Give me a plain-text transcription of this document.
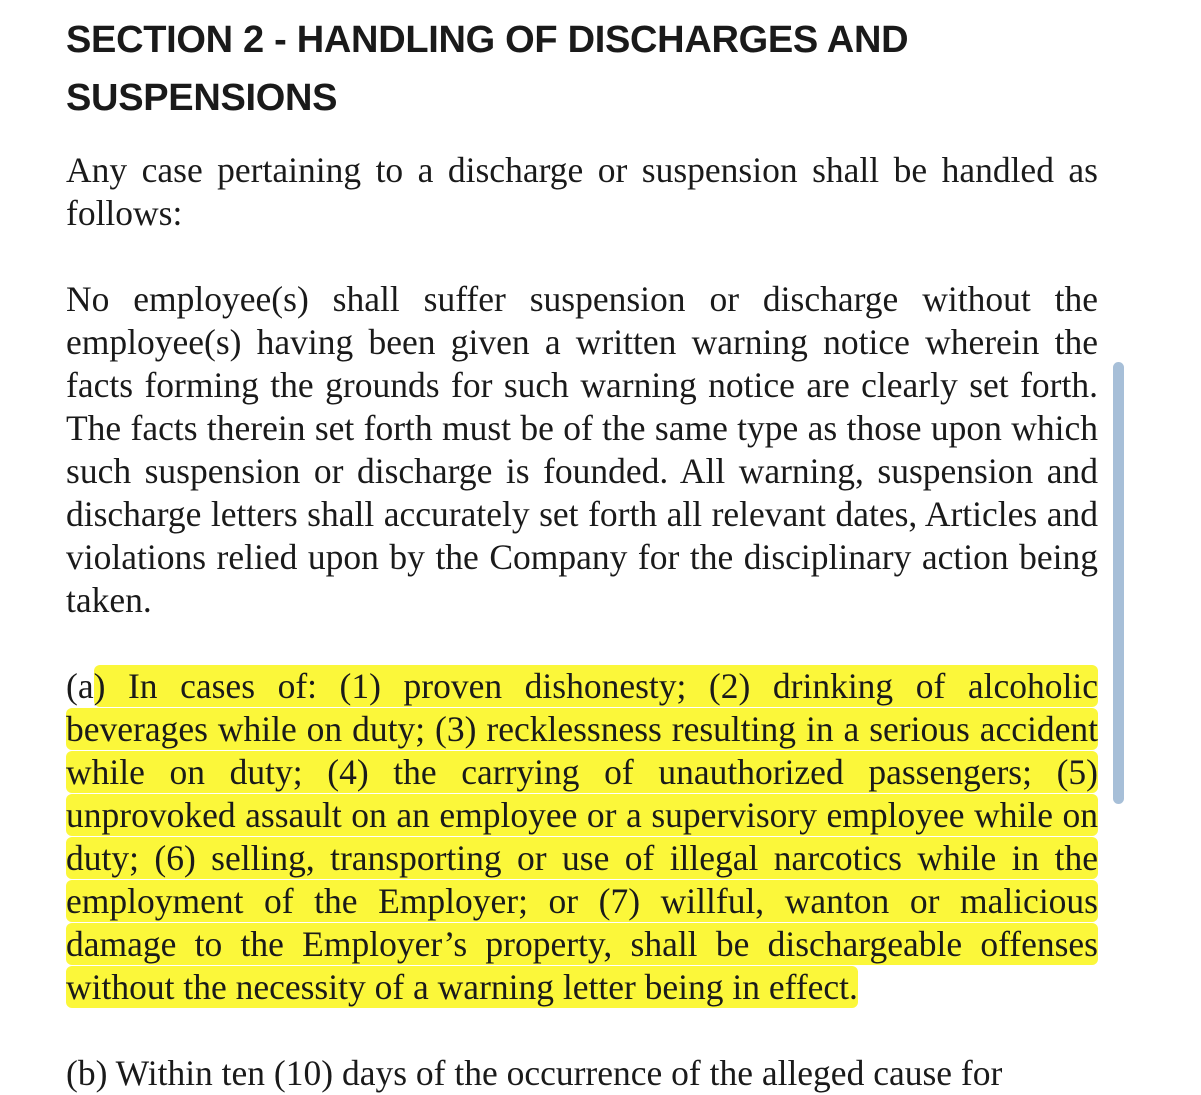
SECTION 2 - HANDLING OF DISCHARGES AND SUSPENSIONS

Any case pertaining to a discharge or suspension shall be handled as follows:

No employee(s) shall suffer suspension or discharge without the employee(s) having been given a written warning notice wherein the facts forming the grounds for such warning notice are clearly set forth. The facts therein set forth must be of the same type as those upon which such suspension or discharge is founded. All warning, suspension and discharge letters shall accurately set forth all relevant dates, Articles and violations relied upon by the Company for the disciplinary action being taken.

(a) In cases of: (1) proven dishonesty; (2) drinking of alcoholic beverages while on duty; (3) recklessness resulting in a serious accident while on duty; (4) the carrying of unauthorized passengers; (5) unprovoked assault on an employee or a supervisory employee while on duty; (6) selling, transporting or use of illegal narcotics while in the employment of the Employer; or (7) willful, wanton or malicious damage to the Employer’s property, shall be dischargeable offenses without the necessity of a warning letter being in effect.

(b) Within ten (10) days of the occurrence of the alleged cause for
